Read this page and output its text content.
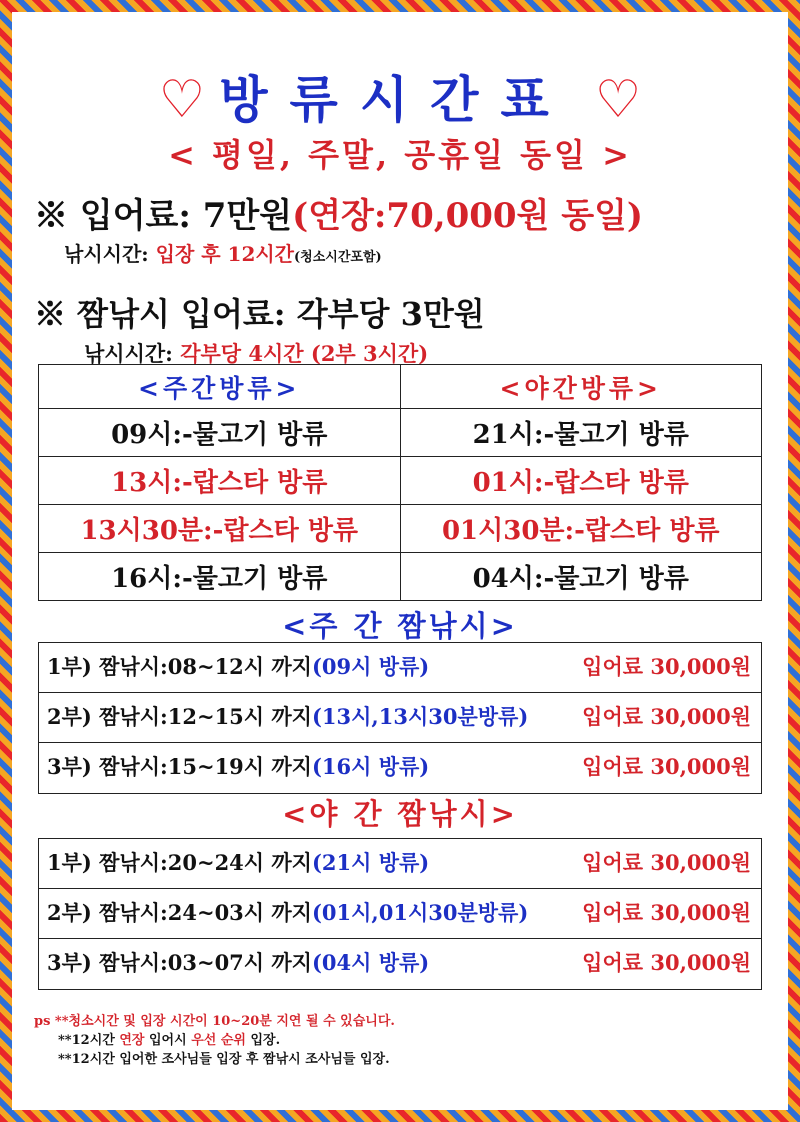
♡ 방류시간표 ♡
< 평일, 주말, 공휴일 동일 >
※ 입어료: 7만원(연장:70,000원 동일)
낚시시간: 입장 후 12시간(청소시간포함)
※ 짬낚시 입어료: 각부당 3만원
낚시시간: 각부당 4시간 (2부 3시간)
<주간방류>	<야간방류>
09시:-물고기 방류	21시:-물고기 방류
13시:-랍스타 방류	01시:-랍스타 방류
13시30분:-랍스타 방류	01시30분:-랍스타 방류
16시:-물고기 방류	04시:-물고기 방류
<주 간 짬낚시>
1부) 짬낚시:08~12시 까지(09시 방류)	입어료 30,000원
2부) 짬낚시:12~15시 까지(13시,13시30분방류)	입어료 30,000원
3부) 짬낚시:15~19시 까지(16시 방류)	입어료 30,000원
<야 간 짬낚시>
1부) 짬낚시:20~24시 까지(21시 방류)	입어료 30,000원
2부) 짬낚시:24~03시 까지(01시,01시30분방류)	입어료 30,000원
3부) 짬낚시:03~07시 까지(04시 방류)	입어료 30,000원
ps **청소시간 및 입장 시간이 10~20분 지연 될 수 있습니다.
**12시간 연장 입어시 우선 순위 입장.
**12시간 입어한 조사님들 입장 후 짬낚시 조사님들 입장.
